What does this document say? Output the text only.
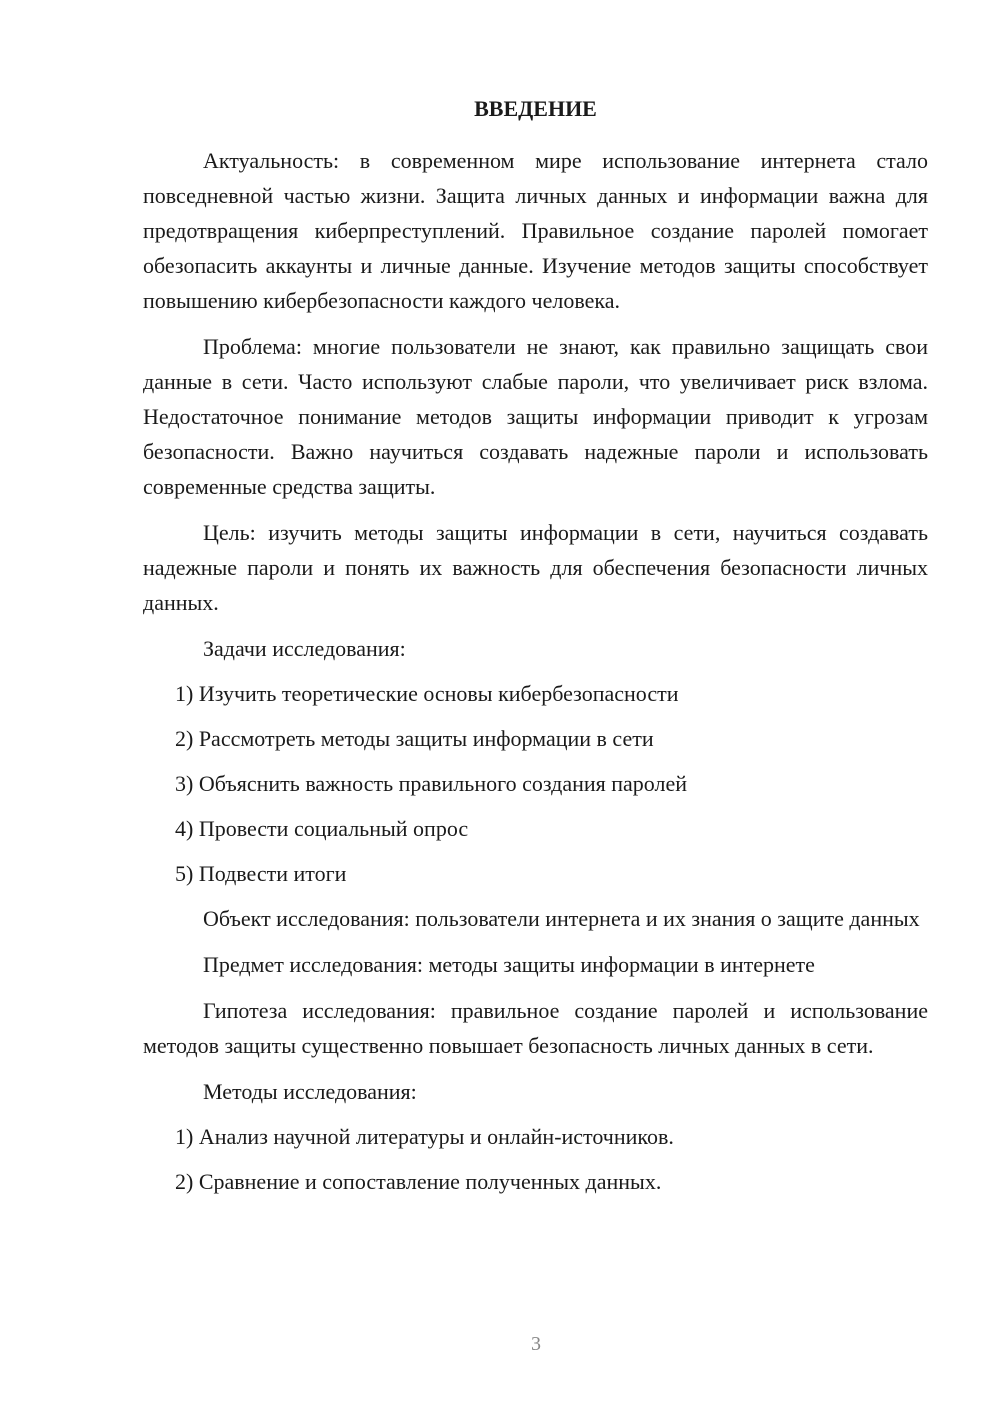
ВВЕДЕНИЕ

Актуальность: в современном мире использование интернета стало повседневной частью жизни. Защита личных данных и информации важна для предотвращения киберпреступлений. Правильное создание паролей помогает обезопасить аккаунты и личные данные. Изучение методов защиты способствует повышению кибербезопасности каждого человека.

Проблема: многие пользователи не знают, как правильно защищать свои данные в сети. Часто используют слабые пароли, что увеличивает риск взлома. Недостаточное понимание методов защиты информации приводит к угрозам безопасности. Важно научиться создавать надежные пароли и использовать современные средства защиты.

Цель: изучить методы защиты информации в сети, научиться создавать надежные пароли и понять их важность для обеспечения безопасности личных данных.

Задачи исследования:

1) Изучить теоретические основы кибербезопасности

2) Рассмотреть методы защиты информации в сети

3) Объяснить важность правильного создания паролей

4) Провести социальный опрос

5) Подвести итоги

Объект исследования: пользователи интернета и их знания о защите данных

Предмет исследования: методы защиты информации в интернете

Гипотеза исследования: правильное создание паролей и использование методов защиты существенно повышает безопасность личных данных в сети.

Методы исследования:

1) Анализ научной литературы и онлайн-источников.

2) Сравнение и сопоставление полученных данных.

3
